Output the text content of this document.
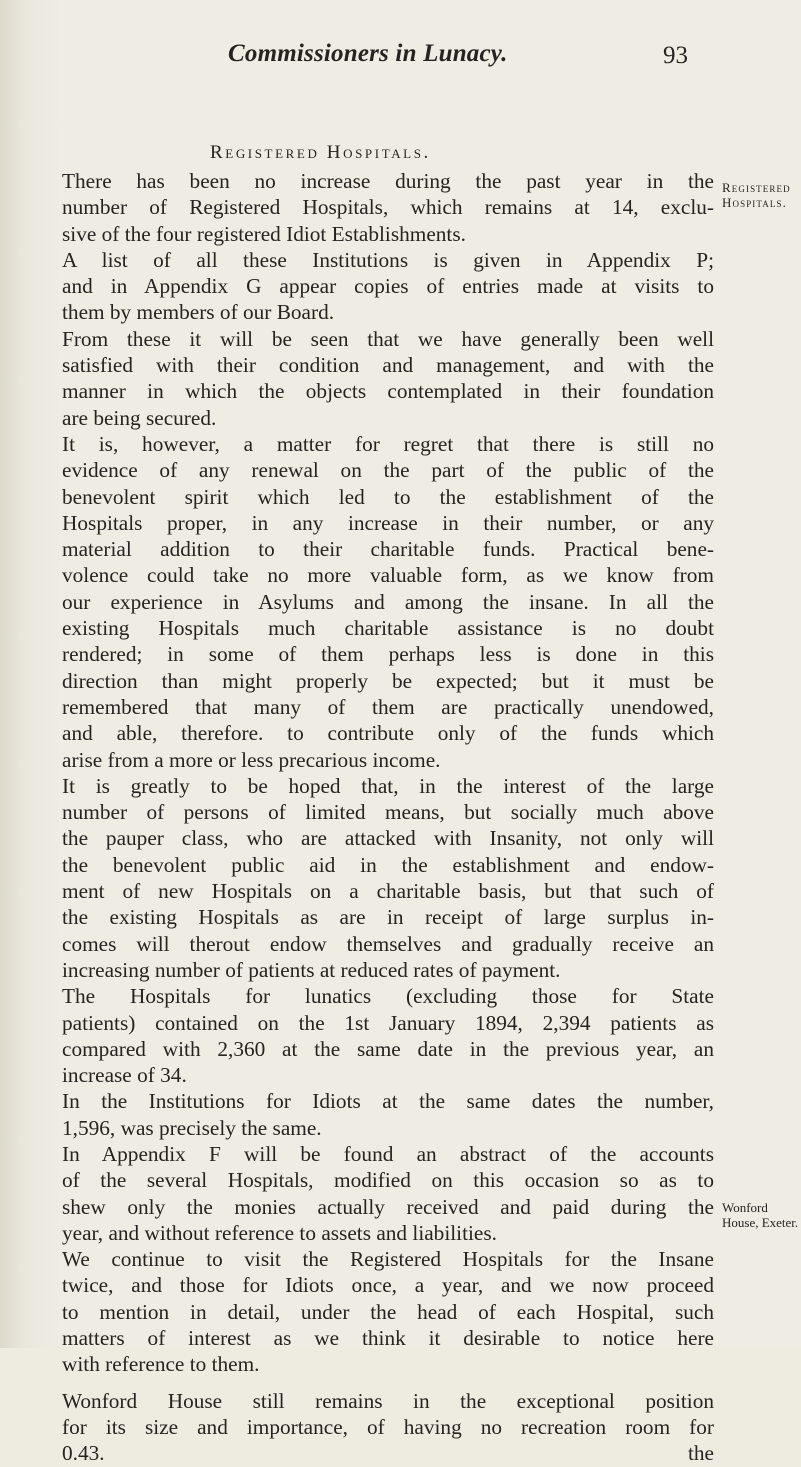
Commissioners in Lunacy.	93
Registered Hospitals.
Registered
Hospitals.
Wonford
House, Exeter.
There has been no increase during the past year in the
number of Registered Hospitals, which remains at 14, exclu-
sive of the four registered Idiot Establishments.
A list of all these Institutions is given in Appendix P;
and in Appendix G appear copies of entries made at visits to
them by members of our Board.
From these it will be seen that we have generally been well
satisfied with their condition and management, and with the
manner in which the objects contemplated in their foundation
are being secured.
It is, however, a matter for regret that there is still no
evidence of any renewal on the part of the public of the
benevolent spirit which led to the establishment of the
Hospitals proper, in any increase in their number, or any
material addition to their charitable funds. Practical bene-
volence could take no more valuable form, as we know from
our experience in Asylums and among the insane. In all the
existing Hospitals much charitable assistance is no doubt
rendered; in some of them perhaps less is done in this
direction than might properly be expected; but it must be
remembered that many of them are practically unendowed,
and able, therefore. to contribute only of the funds which
arise from a more or less precarious income.
It is greatly to be hoped that, in the interest of the large
number of persons of limited means, but socially much above
the pauper class, who are attacked with Insanity, not only will
the benevolent public aid in the establishment and endow-
ment of new Hospitals on a charitable basis, but that such of
the existing Hospitals as are in receipt of large surplus in-
comes will therout endow themselves and gradually receive an
increasing number of patients at reduced rates of payment.
The Hospitals for lunatics (excluding those for State
patients) contained on the 1st January 1894, 2,394 patients as
compared with 2,360 at the same date in the previous year, an
increase of 34.
In the Institutions for Idiots at the same dates the number,
1,596, was precisely the same.
In Appendix F will be found an abstract of the accounts
of the several Hospitals, modified on this occasion so as to
shew only the monies actually received and paid during the
year, and without reference to assets and liabilities.
We continue to visit the Registered Hospitals for the Insane
twice, and those for Idiots once, a year, and we now proceed
to mention in detail, under the head of each Hospital, such
matters of interest as we think it desirable to notice here
with reference to them.
Wonford House still remains in the exceptional position
for its size and importance, of having no recreation room for
0.43.	the
